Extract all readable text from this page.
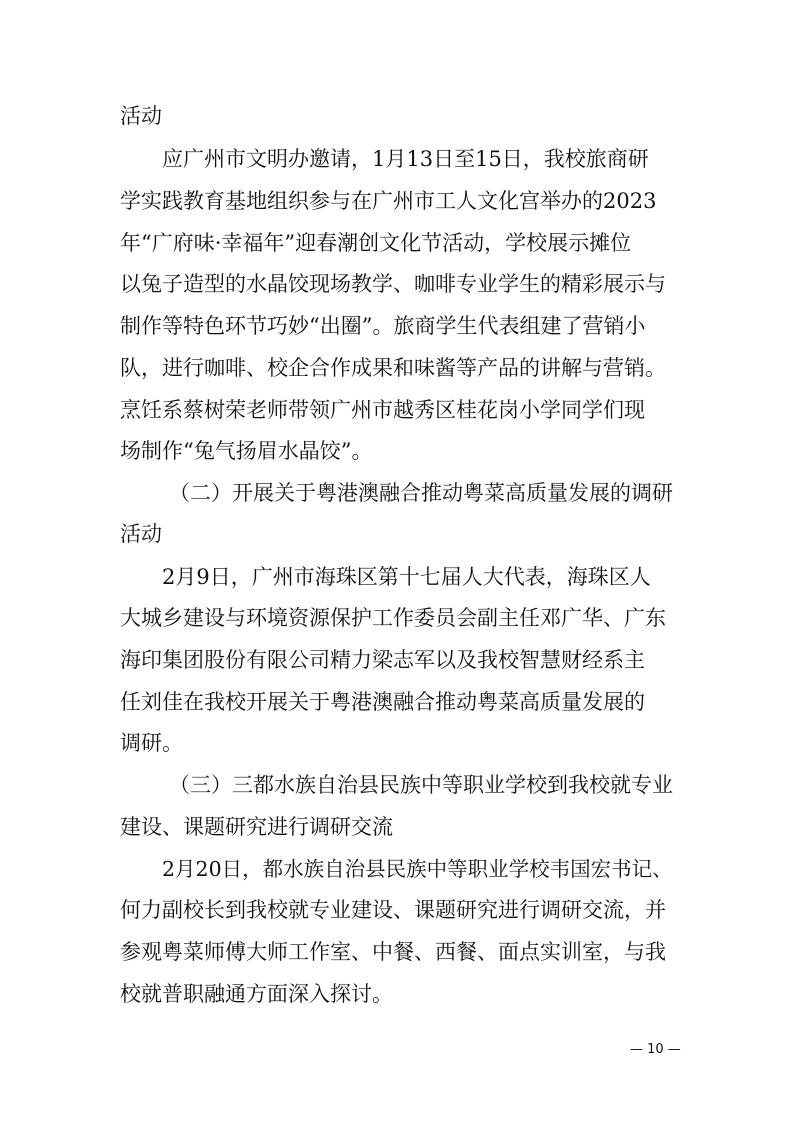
活动
应广州市文明办邀请，1月13日至15日，我校旅商研
学实践教育基地组织参与在广州市工人文化宫举办的2023
年“广府味·幸福年”迎春潮创文化节活动，学校展示摊位
以兔子造型的水晶饺现场教学、咖啡专业学生的精彩展示与
制作等特色环节巧妙“出圈”。旅商学生代表组建了营销小
队，进行咖啡、校企合作成果和味酱等产品的讲解与营销。
烹饪系蔡树荣老师带领广州市越秀区桂花岗小学同学们现
场制作“兔气扬眉水晶饺”。
（二）开展关于粤港澳融合推动粤菜高质量发展的调研
活动
2月9日，广州市海珠区第十七届人大代表，海珠区人
大城乡建设与环境资源保护工作委员会副主任邓广华、广东
海印集团股份有限公司精力梁志军以及我校智慧财经系主
任刘佳在我校开展关于粤港澳融合推动粤菜高质量发展的
调研。
（三）三都水族自治县民族中等职业学校到我校就专业
建设、课题研究进行调研交流
2月20日，都水族自治县民族中等职业学校韦国宏书记、
何力副校长到我校就专业建设、课题研究进行调研交流，并
参观粤菜师傅大师工作室、中餐、西餐、面点实训室，与我
校就普职融通方面深入探讨。
— 10 —
